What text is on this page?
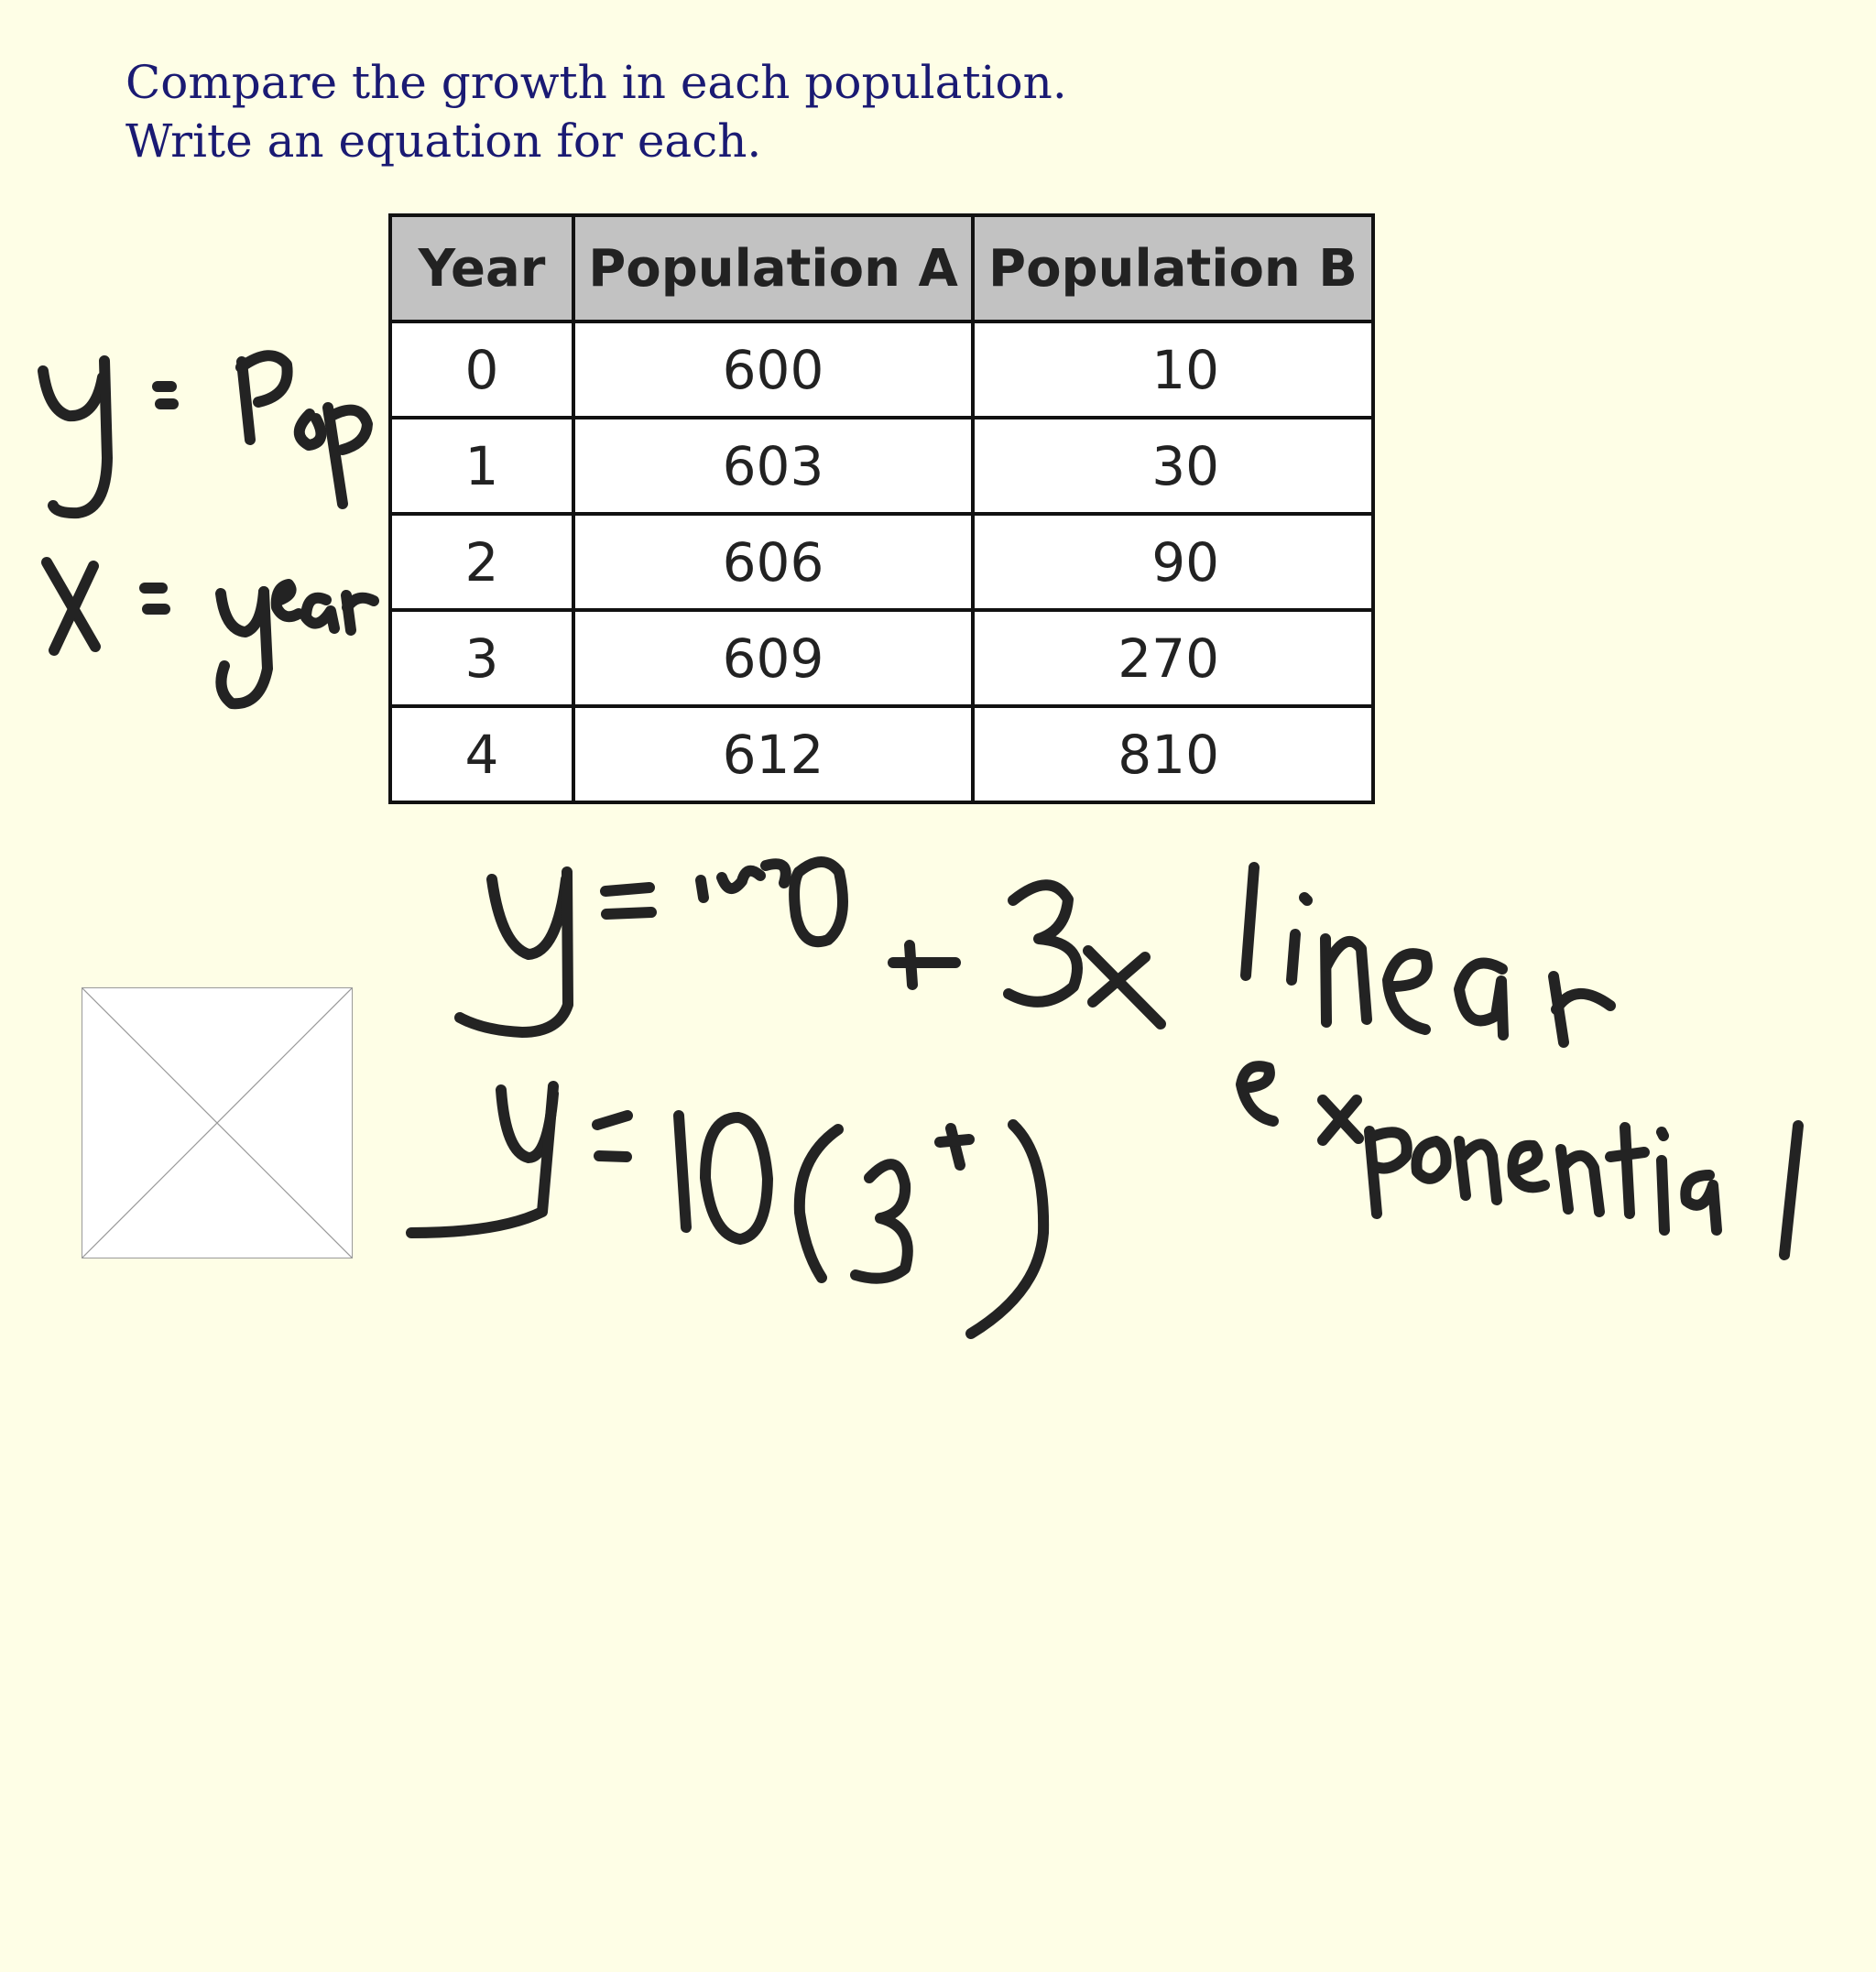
Compare the growth in each population.
Write an equation for each.
Year	Population A	Population B
0	600	10
1	603	30
2	606	90
3	609	270
4	612	810
